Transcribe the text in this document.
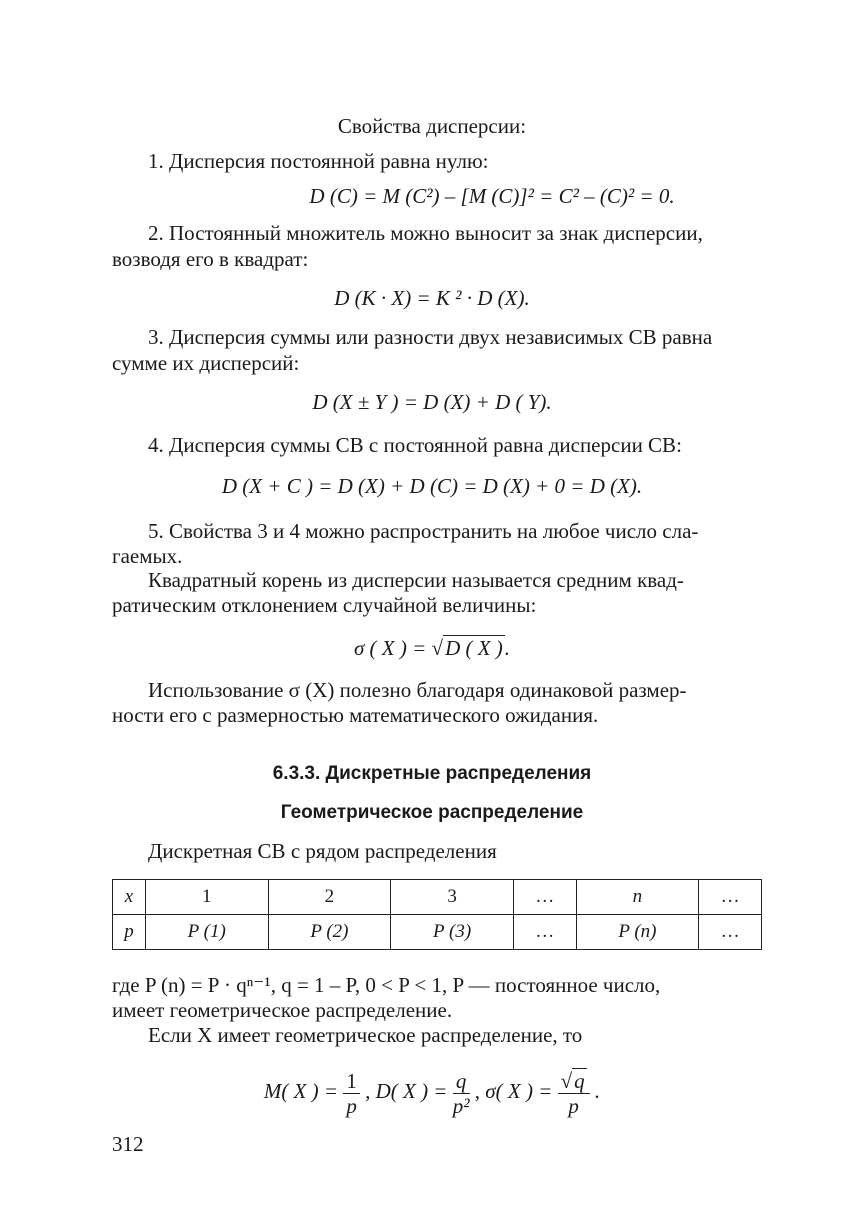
Свойства дисперсии:
1. Дисперсия постоянной равна нулю:
D (C) = M (C²) – [M (C)]² = C² – (C)² = 0.
2. Постоянный множитель можно выносит за знак дисперсии,
возводя его в квадрат:
D (K · X) = K ² · D (X).
3. Дисперсия суммы или разности двух независимых СВ равна
сумме их дисперсий:
D (X ± Y ) = D (X) + D ( Y).
4. Дисперсия суммы СВ с постоянной равна дисперсии СВ:
D (X + C ) = D (X) + D (C) = D (X) + 0 = D (X).
5. Свойства 3 и 4 можно распространить на любое число сла-
гаемых.
Квадратный корень из дисперсии называется средним квад-
ратическим отклонением случайной величины:
σ ( X ) = √D ( X ).
Использование σ (X) полезно благодаря одинаковой размер-
ности его с размерностью математического ожидания.
6.3.3. Дискретные распределения
Геометрическое распределение
Дискретная СВ с рядом распределения
x	1	2	3	…	n	…
p	P (1)	P (2)	P (3)	…	P (n)	…
где P (n) = P · qⁿ⁻¹, q = 1 – P, 0 < P < 1, P — постоянное число,
имеет геометрическое распределение.
Если X имеет геометрическое распределение, то
M( X ) = $\frac{1}{p}$ , D( X ) = $\frac{q}{\text{p²}}$ , σ( X ) = $\frac{√q}{p}$ .
312
